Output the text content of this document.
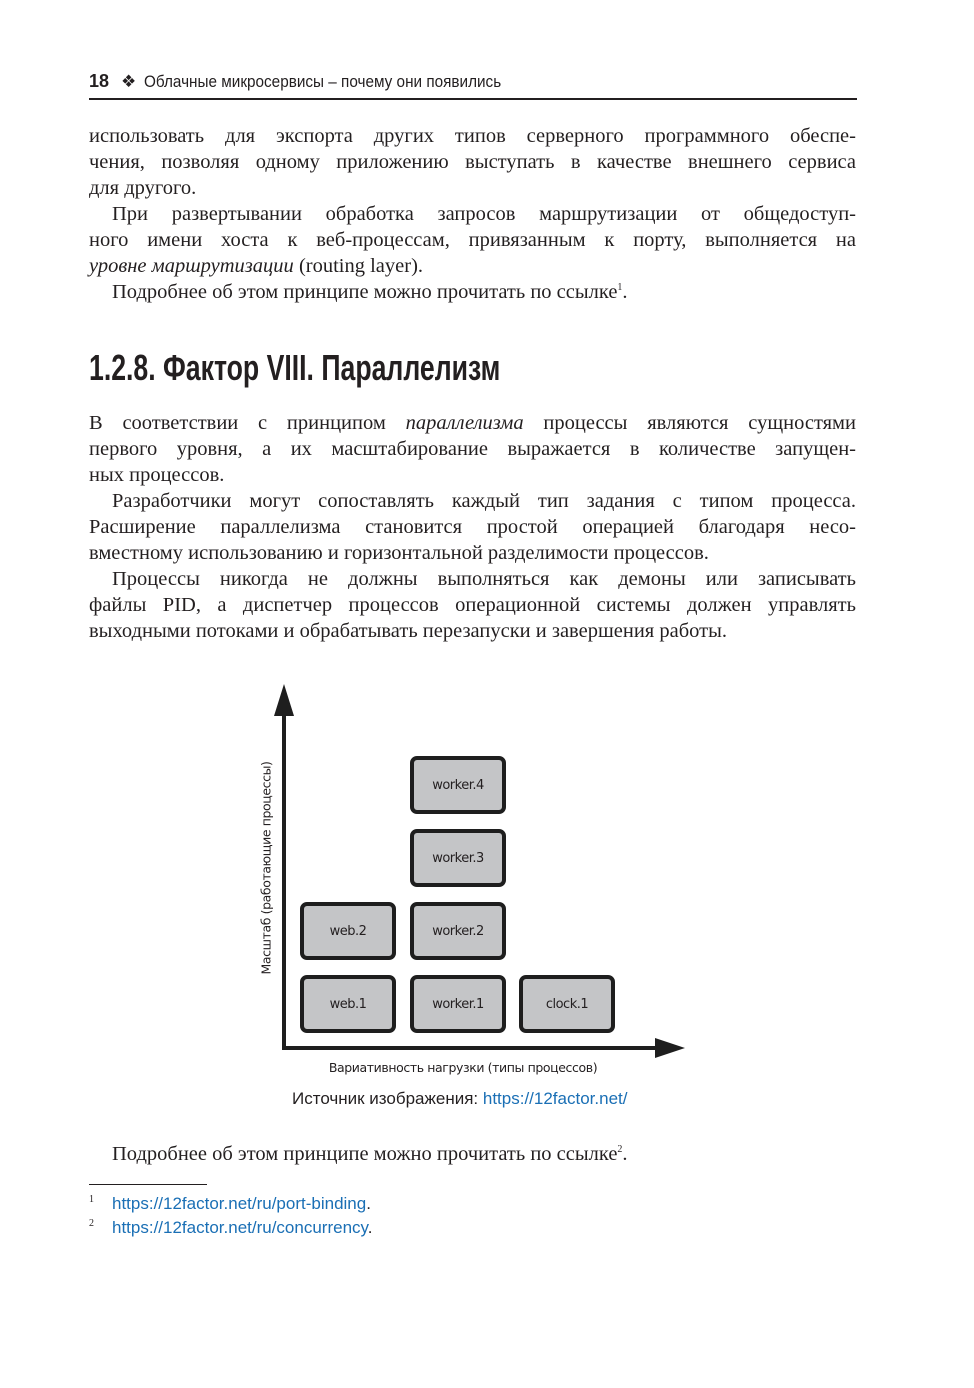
18 ❖ Облачные микросервисы – почему они появились
использовать для экспорта других типов серверного программного обеспе-
чения, позволяя одному приложению выступать в качестве внешнего сервиса
для другого.
При развертывании обработка запросов маршрутизации от общедоступ-
ного имени хоста к веб-процессам, привязанным к порту, выполняется на
уровне маршрутизации (routing layer).
Подробнее об этом принципе можно прочитать по ссылке$^1$.
1.2.8. Фактор VIII. Параллелизм
В соответствии с принципом параллелизма процессы являются сущностями
первого уровня, а их масштабирование выражается в количестве запущен-
ных процессов.
Разработчики могут сопоставлять каждый тип задания с типом процесса.
Расширение параллелизма становится простой операцией благодаря несо-
вместному использованию и горизонтальной разделимости процессов.
Процессы никогда не должны выполняться как демоны или записывать
файлы PID, а диспетчер процессов операционной системы должен управлять
выходными потоками и обрабатывать перезапуски и завершения работы.
Масштаб (работающие процессы)
web.1
web.2
worker.1
worker.2
worker.3
worker.4
clock.1
Вариативность нагрузки (типы процессов)
Источник изображения: https://12factor.net/
Подробнее об этом принципе можно прочитать по ссылке$^2$.
1 https://12factor.net/ru/port-binding.
2 https://12factor.net/ru/concurrency.
